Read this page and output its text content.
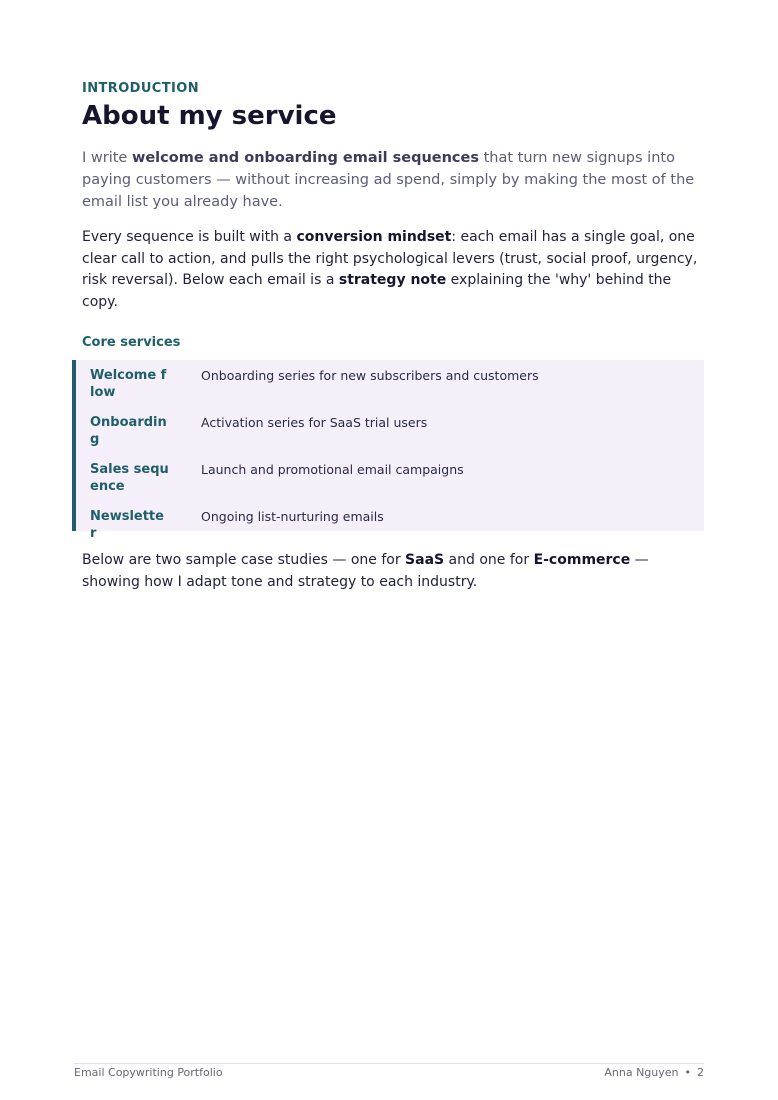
INTRODUCTION
About my service

I write welcome and onboarding email sequences that turn new signups into paying customers — without increasing ad spend, simply by making the most of the email list you already have.

Every sequence is built with a conversion mindset: each email has a single goal, one clear call to action, and pulls the right psychological levers (trust, social proof, urgency, risk reversal). Below each email is a strategy note explaining the 'why' behind the copy.

Core services
Welcome flow
Onboarding series for new subscribers and customers
Onboarding
Activation series for SaaS trial users
Sales sequence
Launch and promotional email campaigns
Newsletter
Ongoing list-nurturing emails

Below are two sample case studies — one for SaaS and one for E-commerce — showing how I adapt tone and strategy to each industry.

Email Copywriting Portfolio	Anna Nguyen • 2
